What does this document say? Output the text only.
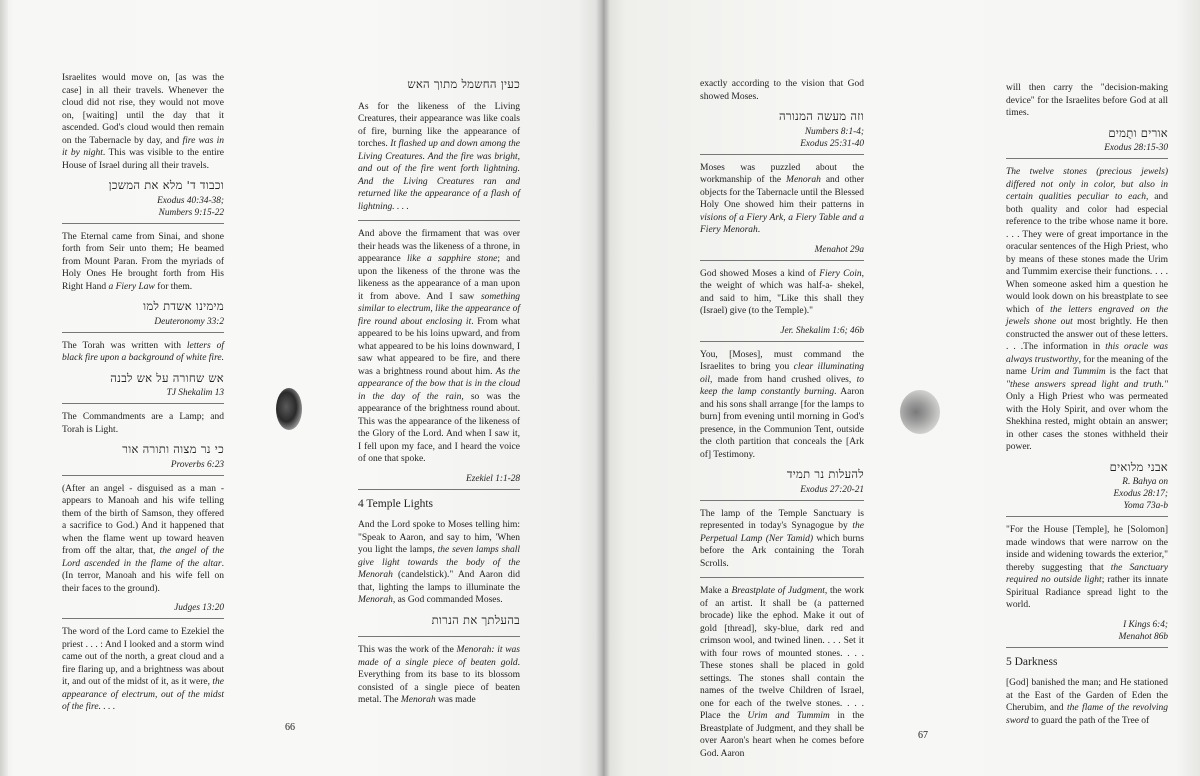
Israelites would move on, [as was the case] in all their travels. Whenever the cloud did not rise, they would not move on, [waiting] until the day that it ascended. God's cloud would then remain on the Tabernacle by day, and fire was in it by night. This was visible to the entire House of Israel during all their travels.

וכבוד ד' מלא את המשכן
Exodus 40:34-38;
Numbers 9:15-22

The Eternal came from Sinai, and shone forth from Seir unto them; He beamed from Mount Paran. From the myriads of Holy Ones He brought forth from His Right Hand a Fiery Law for them.

מימינו אשדת למו
Deuteronomy 33:2

The Torah was written with letters of black fire upon a background of white fire.

אש שחורה על אש לבנה
TJ Shekalim 13

The Commandments are a Lamp; and Torah is Light.

כי נר מצוה ותורה אור
Proverbs 6:23

(After an angel - disguised as a man - appears to Manoah and his wife telling them of the birth of Samson, they offered a sacrifice to God.) And it happened that when the flame went up toward heaven from off the altar, that, the angel of the Lord ascended in the flame of the altar. (In terror, Manoah and his wife fell on their faces to the ground).

Judges 13:20

The word of the Lord came to Ezekiel the priest . . . : And I looked and a storm wind came out of the north, a great cloud and a fire flaring up, and a brightness was about it, and out of the midst of it, as it were, the appearance of electrum, out of the midst of the fire. . . .

כעין החשמל מתוך האש

As for the likeness of the Living Creatures, their appearance was like coals of fire, burning like the appearance of torches. It flashed up and down among the Living Creatures. And the fire was bright, and out of the fire went forth lightning. And the Living Creatures ran and returned like the appearance of a flash of lightning. . . .

And above the firmament that was over their heads was the likeness of a throne, in appearance like a sapphire stone; and upon the likeness of the throne was the likeness as the appearance of a man upon it from above. And I saw something similar to electrum, like the appearance of fire round about enclosing it. From what appeared to be his loins upward, and from what appeared to be his loins downward, I saw what appeared to be fire, and there was a brightness round about him. As the appearance of the bow that is in the cloud in the day of the rain, so was the appearance of the brightness round about. This was the appearance of the likeness of the Glory of the Lord. And when I saw it, I fell upon my face, and I heard the voice of one that spoke.

Ezekiel 1:1-28
4 Temple Lights

And the Lord spoke to Moses telling him: "Speak to Aaron, and say to him, 'When you light the lamps, the seven lamps shall give light towards the body of the Menorah (candelstick)." And Aaron did that, lighting the lamps to illuminate the Menorah, as God commanded Moses.

בהעלתך את הנרות

This was the work of the Menorah: it was made of a single piece of beaten gold. Everything from its base to its blossom consisted of a single piece of beaten metal. The Menorah was made

66

exactly according to the vision that God showed Moses.

וזה מעשה המנורה
Numbers 8:1-4;
Exodus 25:31-40

Moses was puzzled about the workmanship of the Menorah and other objects for the Tabernacle until the Blessed Holy One showed him their patterns in visions of a Fiery Ark, a Fiery Table and a Fiery Menorah.

Menahot 29a

God showed Moses a kind of Fiery Coin, the weight of which was half-a- shekel, and said to him, "Like this shall they (Israel) give (to the Temple)."

Jer. Shekalim 1:6; 46b

You, [Moses], must command the Israelites to bring you clear illuminating oil, made from hand crushed olives, to keep the lamp constantly burning. Aaron and his sons shall arrange [for the lamps to burn] from evening until morning in God's presence, in the Communion Tent, outside the cloth partition that conceals the [Ark of] Testimony.

להעלות נר תמיד
Exodus 27:20-21

The lamp of the Temple Sanctuary is represented in today's Synagogue by the Perpetual Lamp (Ner Tamid) which burns before the Ark containing the Torah Scrolls.

Make a Breastplate of Judgment, the work of an artist. It shall be (a patterned brocade) like the ephod. Make it out of gold [thread], sky-blue, dark red and crimson wool, and twined linen. . . . Set it with four rows of mounted stones. . . . These stones shall be placed in gold settings. The stones shall contain the names of the twelve Children of Israel, one for each of the twelve stones. . . . Place the Urim and Tummim in the Breastplate of Judgment, and they shall be over Aaron's heart when he comes before God. Aaron

will then carry the "decision-making device" for the Israelites before God at all times.

אורים ותֻמים
Exodus 28:15-30

The twelve stones (precious jewels) differed not only in color, but also in certain qualities peculiar to each, and both quality and color had especial reference to the tribe whose name it bore. . . . They were of great importance in the oracular sentences of the High Priest, who by means of these stones made the Urim and Tummim exercise their functions. . . . When someone asked him a question he would look down on his breastplate to see which of the letters engraved on the jewels shone out most brightly. He then constructed the answer out of these letters. . . .The information in this oracle was always trustworthy, for the meaning of the name Urim and Tummim is the fact that "these answers spread light and truth." Only a High Priest who was permeated with the Holy Spirit, and over whom the Shekhina rested, might obtain an answer; in other cases the stones withheld their power.

אבני מלואים
R. Bahya on
Exodus 28:17;
Yoma 73a-b

"For the House [Temple], he [Solomon] made windows that were narrow on the inside and widening towards the exterior," thereby suggesting that the Sanctuary required no outside light; rather its innate Spiritual Radiance spread light to the world.

I Kings 6:4;
Menahot 86b
5 Darkness

[God] banished the man; and He stationed at the East of the Garden of Eden the Cherubim, and the flame of the revolving sword to guard the path of the Tree of

67
